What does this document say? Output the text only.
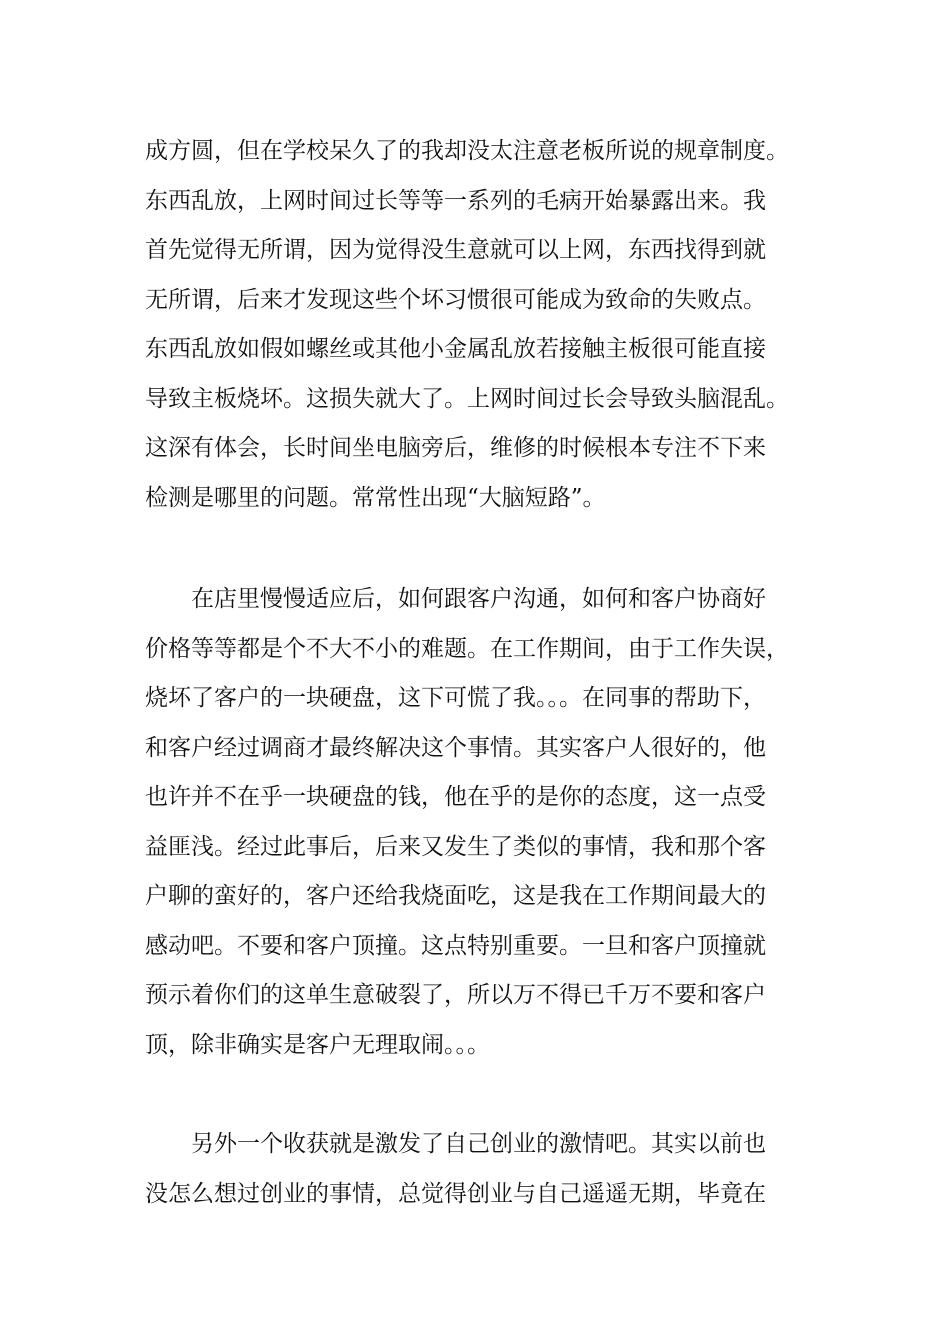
成方圆，但在学校呆久了的我却没太注意老板所说的规章制度。
东西乱放，上网时间过长等等一系列的毛病开始暴露出来。我
首先觉得无所谓，因为觉得没生意就可以上网，东西找得到就
无所谓，后来才发现这些个坏习惯很可能成为致命的失败点。
东西乱放如假如螺丝或其他小金属乱放若接触主板很可能直接
导致主板烧坏。这损失就大了。上网时间过长会导致头脑混乱。
这深有体会，长时间坐电脑旁后，维修的时候根本专注不下来
检测是哪里的问题。常常性出现“大脑短路”。
　　在店里慢慢适应后，如何跟客户沟通，如何和客户协商好
价格等等都是个不大不小的难题。在工作期间，由于工作失误，
烧坏了客户的一块硬盘，这下可慌了我。。。在同事的帮助下，
和客户经过调商才最终解决这个事情。其实客户人很好的，他
也许并不在乎一块硬盘的钱，他在乎的是你的态度，这一点受
益匪浅。经过此事后，后来又发生了类似的事情，我和那个客
户聊的蛮好的，客户还给我烧面吃，这是我在工作期间最大的
感动吧。不要和客户顶撞。这点特别重要。一旦和客户顶撞就
预示着你们的这单生意破裂了，所以万不得已千万不要和客户
顶，除非确实是客户无理取闹。。。
　　另外一个收获就是激发了自己创业的激情吧。其实以前也
没怎么想过创业的事情，总觉得创业与自己遥遥无期，毕竟在
